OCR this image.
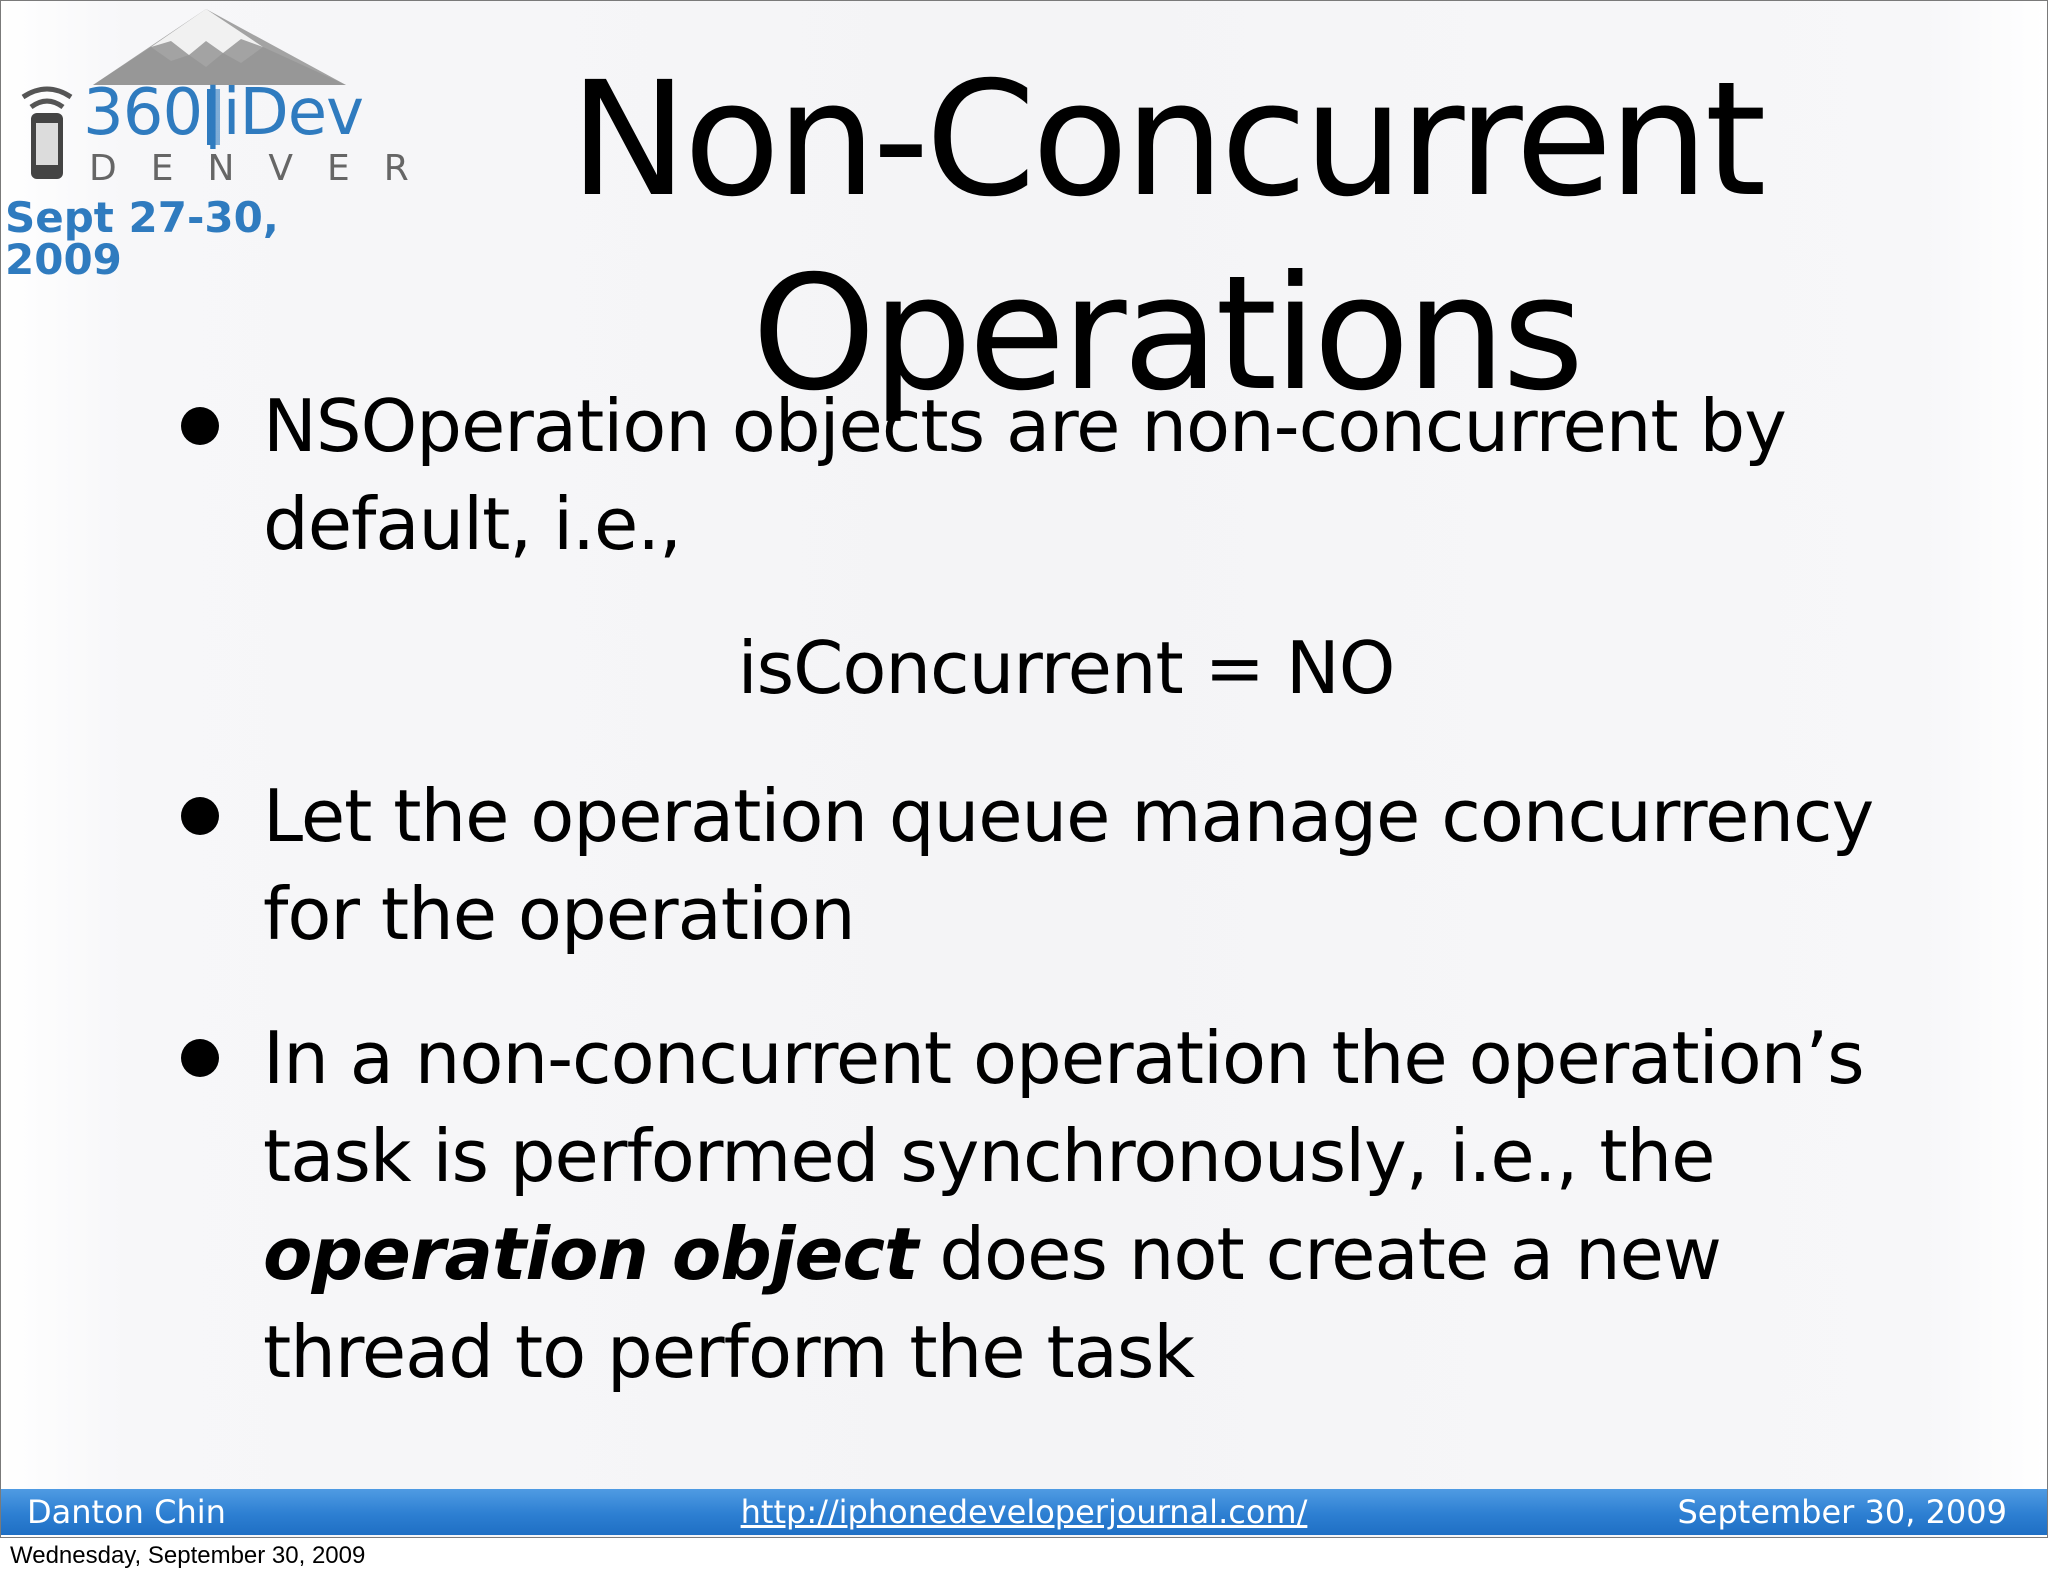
360|iDev
DENVER
Sept 27-30, 2009
Non-Concurrent
Operations
NSOperation objects are non-concurrent by default, i.e.,
isConcurrent = NO
Let the operation queue manage concurrency for the operation
In a non-concurrent operation the operation’s task is performed synchronously, i.e., the operation object does not create a new thread to perform the task
Danton Chin	http://iphonedeveloperjournal.com/	September 30, 2009
Wednesday, September 30, 2009
